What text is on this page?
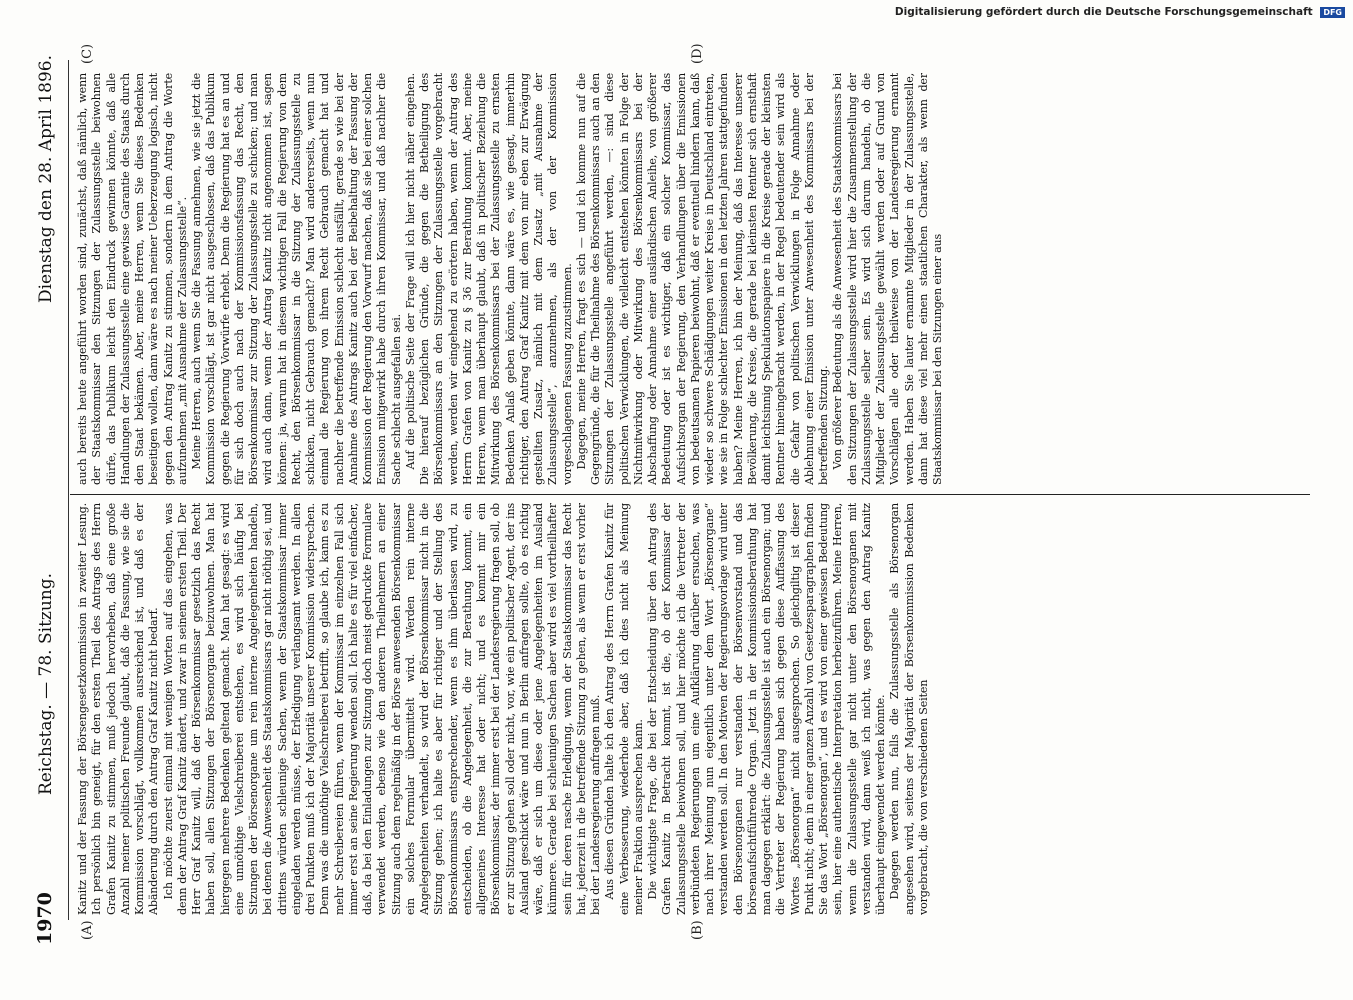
Digitalisierung gefördert durch die Deutsche Forschungsgemeinschaft DFG
1970
Reichstag. — 78. Sitzung.
Dienstag den 28. April 1896.
(A)	(B)
(C)	(D)

Kanitz und der Fassung der Börsengesetzkommission in zweiter Lesung. Ich persönlich bin geneigt, für den ersten Theil des Antrags des Herrn Grafen Kanitz zu stimmen, muß jedoch hervorheben, daß eine große Anzahl meiner politischen Freunde glaubt, daß die Fassung, wie sie die Kommission vorschlägt, vollkommen ausreichend ist, und daß es der Abänderung durch den Antrag Graf Kanitz nicht bedarf. Ich möchte zuerst einmal mit wenigen Worten auf das eingehen, was denn der Antrag Graf Kanitz ändert, und zwar in seinem ersten Theil. Der Herr Graf Kanitz will, daß der Börsenkommissar gesetzlich das Recht haben soll, allen Sitzungen der Börsenorgane beizuwohnen. Man hat hiergegen mehrere Bedenken geltend gemacht. Man hat gesagt: es wird eine unnöthige Vielschreiberei entstehen, es wird sich häufig bei Sitzungen der Börsenorgane um rein interne Angelegenheiten handeln, bei denen die Anwesenheit des Staatskommissars gar nicht nöthig sei, und drittens würden schleunige Sachen, wenn der Staatskommissar immer eingeladen werden müsse, der Erledigung verlangsamt werden. In allen drei Punkten muß ich der Majorität unserer Kommission widersprechen. Denn was die unnöthige Vielschreiberei betrifft, so glaube ich, kann es zu mehr Schreibereien führen, wenn der Kommissar im einzelnen Fall sich immer erst an seine Regierung wenden soll. Ich halte es für viel einfacher, daß, da bei den Einladungen zur Sitzung doch meist gedruckte Formulare verwendet werden, ebenso wie den anderen Theilnehmern an einer Sitzung auch dem regelmäßig in der Börse anwesenden Börsenkommissar ein solches Formular übermittelt wird. Werden rein interne Angelegenheiten verhandelt, so wird der Börsenkommissar nicht in die Sitzung gehen; ich halte es aber für richtiger und der Stellung des Börsenkommissars entsprechender, wenn es ihm überlassen wird, zu entscheiden, ob die Angelegenheit, die zur Berathung kommt, ein allgemeines Interesse hat oder nicht; und es kommt mir ein Börsenkommissar, der immer erst bei der Landesregierung fragen soll, ob er zur Sitzung gehen soll oder nicht, vor, wie ein politischer Agent, der ins Ausland geschickt wäre und nun in Berlin anfragen sollte, ob es richtig wäre, daß er sich um diese oder jene Angelegenheiten im Ausland kümmere. Gerade bei schleunigen Sachen aber wird es viel vortheilhafter sein für deren rasche Erledigung, wenn der Staatskommissar das Recht hat, jederzeit in die betreffende Sitzung zu gehen, als wenn er erst vorher bei der Landesregierung anfragen muß. Aus diesen Gründen halte ich den Antrag des Herrn Grafen Kanitz für eine Verbesserung, wiederhole aber, daß ich dies nicht als Meinung meiner Fraktion aussprechen kann. Die wichtigste Frage, die bei der Entscheidung über den Antrag des Grafen Kanitz in Betracht kommt, ist die, ob der Kommissar der Zulassungsstelle beiwohnen soll, und hier möchte ich die Vertreter der verbündeten Regierungen um eine Aufklärung darüber ersuchen, was nach ihrer Meinung nun eigentlich unter dem Wort „Börsenorgane“ verstanden werden soll. In den Motiven der Regierungsvorlage wird unter den Börsenorganen nur verstanden der Börsenvorstand und das börsenaufsichtführende Organ. Jetzt in der Kommissionsberathung hat man dagegen erklärt: die Zulassungsstelle ist auch ein Börsenorgan; und die Vertreter der Regierung haben sich gegen diese Auffassung des Wortes „Börsenorgan“ nicht ausgesprochen. So gleichgiltig ist dieser Punkt nicht; denn in einer ganzen Anzahl von Gesetzesparagraphen finden Sie das Wort „Börsenorgan“, und es wird von einer gewissen Bedeutung sein, hier eine authentische Interpretation herbeizuführen. Meine Herren, wenn die Zulassungsstelle gar nicht unter den Börsenorganen mit verstanden wird, dann weiß ich nicht, was gegen den Antrag Kanitz überhaupt eingewendet werden könnte. Dagegen werden nun, falls die Zulassungsstelle als Börsenorgan angesehen wird, seitens der Majorität der Börsenkommission Bedenken vorgebracht, die von verschiedenen Seiten

auch bereits heute angeführt worden sind, zunächst, daß nämlich, wenn der Staatskommissar den Sitzungen der Zulassungsstelle beiwohnen dürfe, das Publikum leicht den Eindruck gewinnen könnte, daß alle Handlungen der Zulassungsstelle eine gewisse Garantie des Staats durch den Staat bekämen. Aber, meine Herren, wenn Sie dieses Bedenken beseitigen wollen, dann wäre es nach meiner Ueberzeugung logisch, nicht gegen den Antrag Kanitz zu stimmen, sondern in dem Antrag die Worte aufzunehmen „mit Ausnahme der Zulassungsstelle“. Meine Herren, auch wenn Sie die Fassung annehmen, wie sie jetzt die Kommission vorschlägt, ist gar nicht ausgeschlossen, daß das Publikum gegen die Regierung Vorwürfe erhebt. Denn die Regierung hat es an und für sich doch auch nach der Kommissionsfassung das Recht, den Börsenkommissar zur Sitzung der Zulassungsstelle zu schicken; und man wird auch dann, wenn der Antrag Kanitz nicht angenommen ist, sagen können: ja, warum hat in diesem wichtigen Fall die Regierung von dem Recht, den Börsenkommissar in die Sitzung der Zulassungsstelle zu schicken, nicht Gebrauch gemacht? Man wird andererseits, wenn nun einmal die Regierung von ihrem Recht Gebrauch gemacht hat und nachher die betreffende Emission schlecht ausfällt, gerade so wie bei der Annahme des Antrags Kanitz auch bei der Beibehaltung der Fassung der Kommission der Regierung den Vorwurf machen, daß sie bei einer solchen Emission mitgewirkt habe durch ihren Kommissar, und daß nachher die Sache schlecht ausgefallen sei. Auf die politische Seite der Frage will ich hier nicht näher eingehen. Die hierauf bezüglichen Gründe, die gegen die Betheiligung des Börsenkommissars an den Sitzungen der Zulassungsstelle vorgebracht werden, werden wir eingehend zu erörtern haben, wenn der Antrag des Herrn Grafen von Kanitz zu § 36 zur Berathung kommt. Aber, meine Herren, wenn man überhaupt glaubt, daß in politischer Beziehung die Mitwirkung des Börsenkommissars bei der Zulassungsstelle zu ernsten Bedenken Anlaß geben könnte, dann wäre es, wie gesagt, immerhin richtiger, den Antrag Graf Kanitz mit dem von mir eben zur Erwägung gestellten Zusatz, nämlich mit dem Zusatz „mit Ausnahme der Zulassungsstelle“, anzunehmen, als der von der Kommission vorgeschlagenen Fassung zuzustimmen. Dagegen, meine Herren, fragt es sich — und ich komme nun auf die Gegengründe, die für die Theilnahme des Börsenkommissars auch an den Sitzungen der Zulassungsstelle angeführt werden, —: sind diese politischen Verwicklungen, die vielleicht entstehen könnten in Folge der Nichtmitwirkung oder Mitwirkung des Börsenkommissars bei der Abschaffung oder Annahme einer ausländischen Anleihe, von größerer Bedeutung oder ist es wichtiger, daß ein solcher Kommissar, das Aufsichtsorgan der Regierung, den Verhandlungen über die Emissionen von bedeutsamen Papieren beiwohnt, daß er eventuell hindern kann, daß wieder so schwere Schädigungen weiter Kreise in Deutschland eintreten, wie sie in Folge schlechter Emissionen in den letzten Jahren stattgefunden haben? Meine Herren, ich bin der Meinung, daß das Interesse unserer Bevölkerung, die Kreise, die gerade bei kleinsten Rentner sich ernsthaft damit leichtsinnig Spekulationspapiere in die Kreise gerade der kleinsten Rentner hineingebracht werden, in der Regel bedeutender sein wird als die Gefahr von politischen Verwicklungen in Folge Annahme oder Ablehnung einer Emission unter Anwesenheit des Kommissars bei der betreffenden Sitzung. Von größerer Bedeutung als die Anwesenheit des Staatskommissars bei den Sitzungen der Zulassungsstelle wird hier die Zusammenstellung der Zulassungsstelle selber sein. Es wird sich darum handeln, ob die Mitglieder der Zulassungsstelle gewählt werden oder auf Grund von Vorschlägen alle oder theilweise von der Landesregierung ernannt werden. Haben Sie lauter ernannte Mitglieder in der Zulassungsstelle, dann hat diese viel mehr einen staatlichen Charakter, als wenn der Staatskommissar bei den Sitzungen einer aus
